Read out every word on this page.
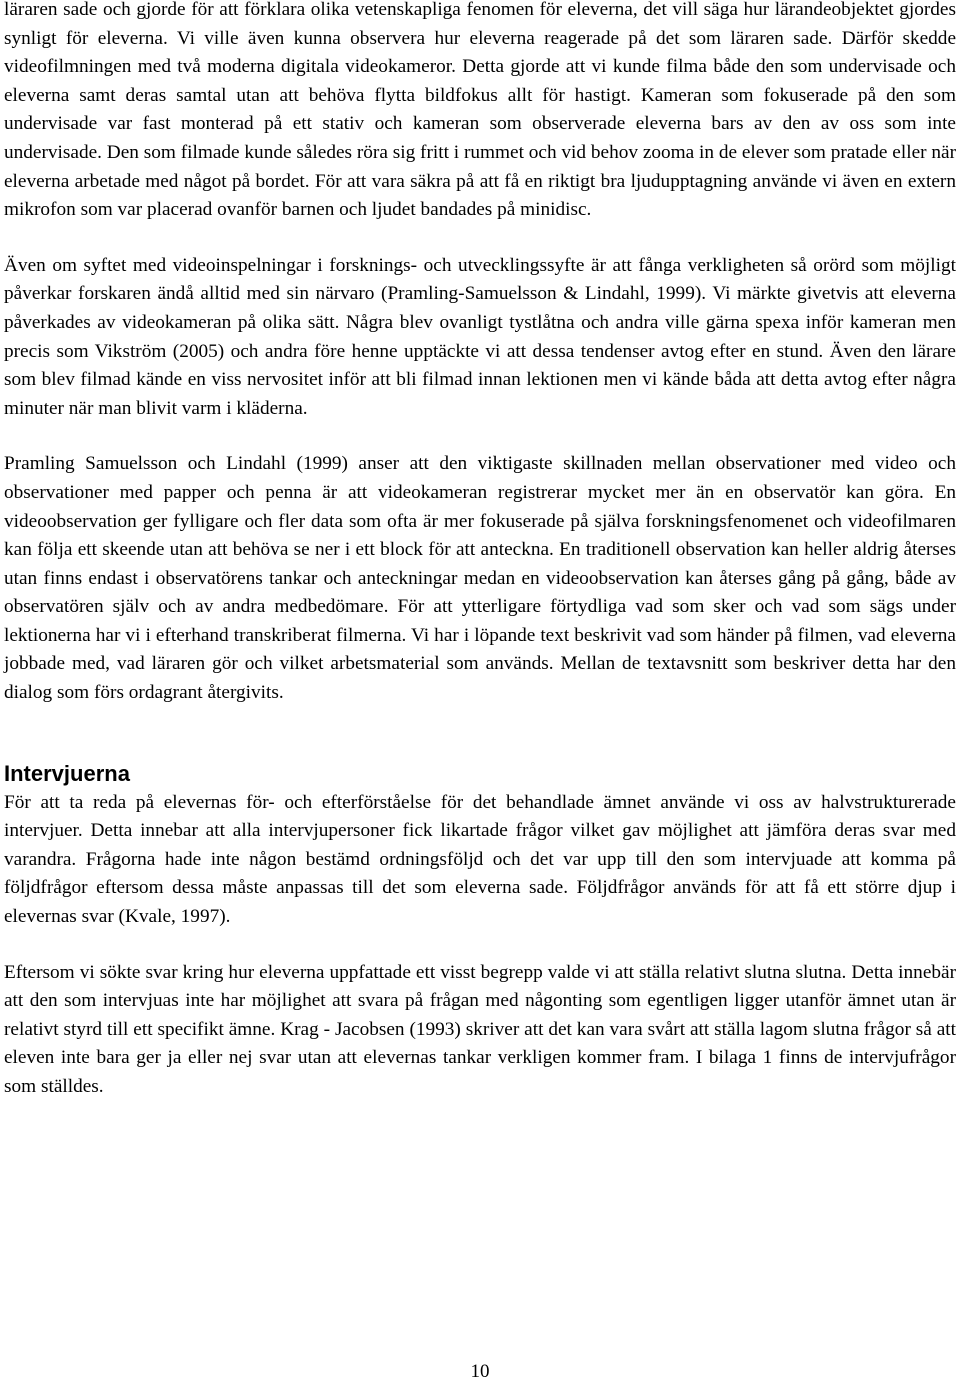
läraren sade och gjorde för att förklara olika vetenskapliga fenomen för eleverna, det vill säga hur lärandeobjektet gjordes synligt för eleverna. Vi ville även kunna observera hur eleverna reagerade på det som läraren sade. Därför skedde videofilmningen med två moderna digitala videokameror. Detta gjorde att vi kunde filma både den som undervisade och eleverna samt deras samtal utan att behöva flytta bildfokus allt för hastigt. Kameran som fokuserade på den som undervisade var fast monterad på ett stativ och kameran som observerade eleverna bars av den av oss som inte undervisade. Den som filmade kunde således röra sig fritt i rummet och vid behov zooma in de elever som pratade eller när eleverna arbetade med något på bordet. För att vara säkra på att få en riktigt bra ljudupptagning använde vi även en extern mikrofon som var placerad ovanför barnen och ljudet bandades på minidisc.

Även om syftet med videoinspelningar i forsknings- och utvecklingssyfte är att fånga verkligheten så orörd som möjligt påverkar forskaren ändå alltid med sin närvaro (Pramling-Samuelsson & Lindahl, 1999). Vi märkte givetvis att eleverna påverkades av videokameran på olika sätt. Några blev ovanligt tystlåtna och andra ville gärna spexa inför kameran men precis som Vikström (2005) och andra före henne upptäckte vi att dessa tendenser avtog efter en stund. Även den lärare som blev filmad kände en viss nervositet inför att bli filmad innan lektionen men vi kände båda att detta avtog efter några minuter när man blivit varm i kläderna.

Pramling Samuelsson och Lindahl (1999) anser att den viktigaste skillnaden mellan observationer med video och observationer med papper och penna är att videokameran registrerar mycket mer än en observatör kan göra. En videoobservation ger fylligare och fler data som ofta är mer fokuserade på själva forskningsfenomenet och videofilmaren kan följa ett skeende utan att behöva se ner i ett block för att anteckna. En traditionell observation kan heller aldrig återses utan finns endast i observatörens tankar och anteckningar medan en videoobservation kan återses gång på gång, både av observatören själv och av andra medbedömare. För att ytterligare förtydliga vad som sker och vad som sägs under lektionerna har vi i efterhand transkriberat filmerna. Vi har i löpande text beskrivit vad som händer på filmen, vad eleverna jobbade med, vad läraren gör och vilket arbetsmaterial som används. Mellan de textavsnitt som beskriver detta har den dialog som förs ordagrant återgivits.

Intervjuerna

För att ta reda på elevernas för- och efterförståelse för det behandlade ämnet använde vi oss av halvstrukturerade intervjuer. Detta innebar att alla intervjupersoner fick likartade frågor vilket gav möjlighet att jämföra deras svar med varandra. Frågorna hade inte någon bestämd ordningsföljd och det var upp till den som intervjuade att komma på följdfrågor eftersom dessa måste anpassas till det som eleverna sade. Följdfrågor används för att få ett större djup i elevernas svar (Kvale, 1997).

Eftersom vi sökte svar kring hur eleverna uppfattade ett visst begrepp valde vi att ställa relativt slutna slutna. Detta innebär att den som intervjuas inte har möjlighet att svara på frågan med någonting som egentligen ligger utanför ämnet utan är relativt styrd till ett specifikt ämne. Krag - Jacobsen (1993) skriver att det kan vara svårt att ställa lagom slutna frågor så att eleven inte bara ger ja eller nej svar utan att elevernas tankar verkligen kommer fram. I bilaga 1 finns de intervjufrågor som ställdes.

10
